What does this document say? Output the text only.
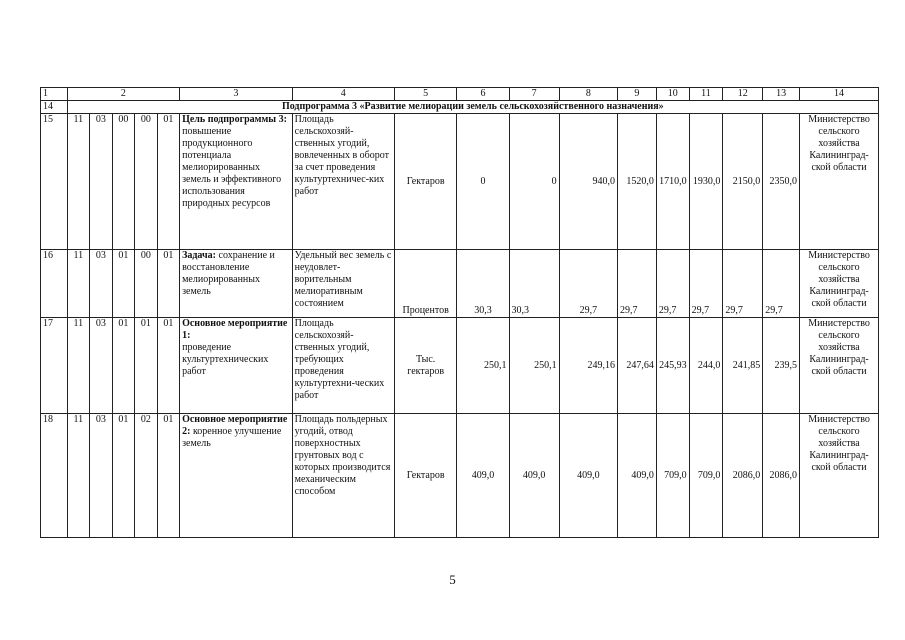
1	2					3	4	5	6	7	8	9	10	11	12	13	14
14	Подпрограмма 3 «Развитие мелиорации земель сельскохозяйственного назначения»																
15	11	03	00	00	01	Цель подпрограммы 3: повышение продукционного потенциала мелиорированных земель и эффективного использования природных ресурсов	Площадь сельскохозяй-ственных угодий, вовлеченных в оборот за счет проведения культуртехничес-ких работ	Гектаров	0	0	940,0	1520,0	1710,0	1930,0	2150,0	2350,0	Министерство сельского хозяйства Калининград-ской области
16	11	03	01	00	01	Задача: сохранение и восстановление мелиорированных земель	Удельный вес земель с неудовлет-ворительным мелиоративным состоянием	Процентов	30,3	30,3	29,7	29,7	29,7	29,7	29,7	29,7	Министерство сельского хозяйства Калининград-ской области
17	11	03	01	01	01	Основное мероприятие 1:
проведение
культуртехнических
работ	Площадь сельскохозяй-ственных угодий, требующих проведения культуртехни-ческих работ	Тыс. гектаров	250,1	250,1	249,16	247,64	245,93	244,0	241,85	239,5	Министерство сельского хозяйства Калининград-ской области
18	11	03	01	02	01	Основное мероприятие 2: коренное улучшение земель	Площадь польдерных угодий, отвод поверхностных грунтовых вод с которых производится механическим способом	Гектаров	409,0	409,0	409,0	409,0	709,0	709,0	2086,0	2086,0	Министерство сельского хозяйства Калининград-ской области
5
